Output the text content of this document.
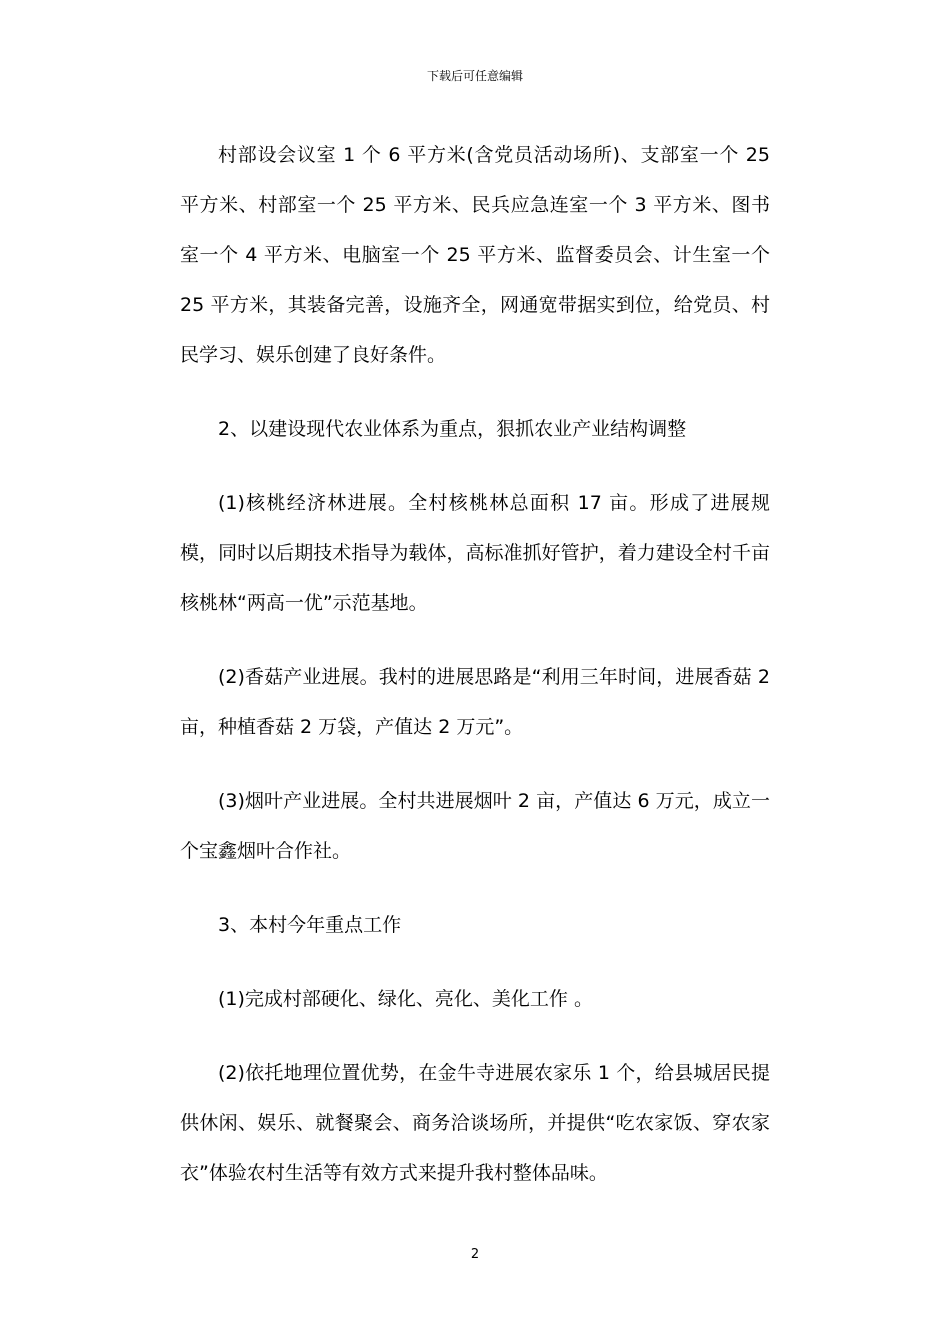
下载后可任意编辑

村部设会议室 1 个 6 平方米(含党员活动场所)、支部室一个 25 平方米、村部室一个 25 平方米、民兵应急连室一个 3 平方米、图书室一个 4 平方米、电脑室一个 25 平方米、监督委员会、计生室一个 25 平方米，其装备完善，设施齐全，网通宽带据实到位，给党员、村民学习、娱乐创建了良好条件。

2、以建设现代农业体系为重点，狠抓农业产业结构调整

(1)核桃经济林进展。全村核桃林总面积 17 亩。形成了进展规模，同时以后期技术指导为载体，高标准抓好管护，着力建设全村千亩核桃林“两高一优”示范基地。

(2)香菇产业进展。我村的进展思路是“利用三年时间，进展香菇 2 亩，种植香菇 2 万袋，产值达 2 万元”。

(3)烟叶产业进展。全村共进展烟叶 2 亩，产值达 6 万元，成立一个宝鑫烟叶合作社。

3、本村今年重点工作

(1)完成村部硬化、绿化、亮化、美化工作 。

(2)依托地理位置优势，在金牛寺进展农家乐 1 个，给县城居民提供休闲、娱乐、就餐聚会、商务洽谈场所，并提供“吃农家饭、穿农家衣”体验农村生活等有效方式来提升我村整体品味。

2
